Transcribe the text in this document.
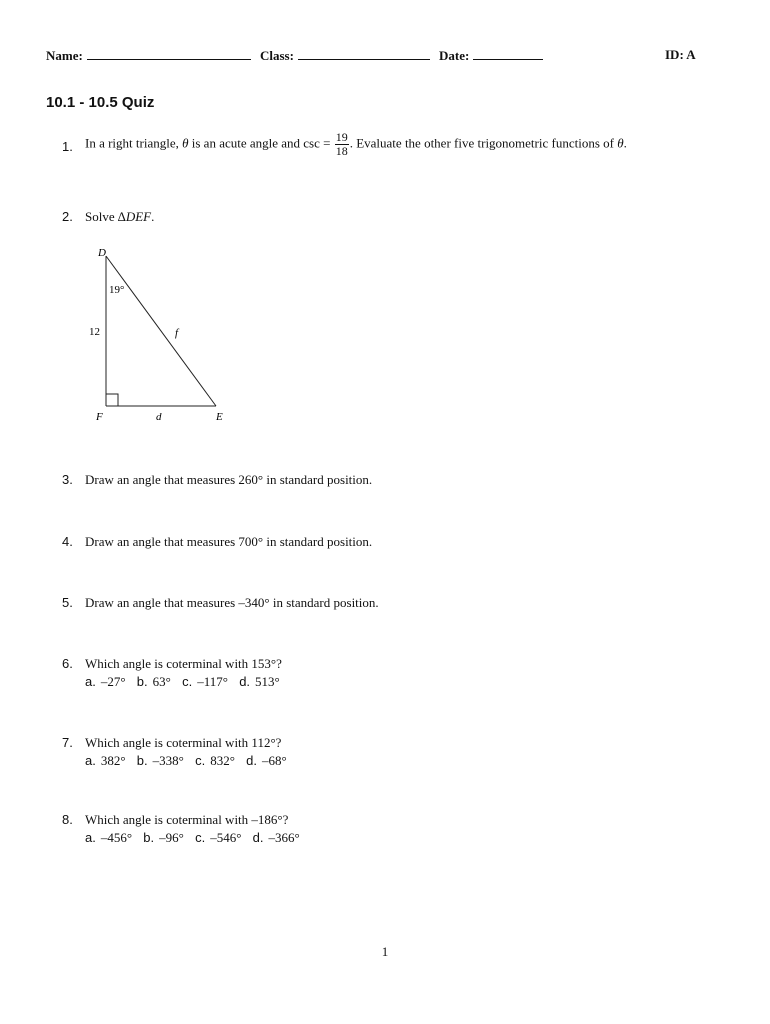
Name:	Class:	Date:	ID: A
10.1 - 10.5 Quiz
1. In a right triangle, θ is an acute angle and $\csc = \frac{19}{18}$ . Evaluate the other five trigonometric functions of θ.
2. Solve ∆DEF.
D
19°
12	f
F	d	E
3. Draw an angle that measures 260° in standard position.
4. Draw an angle that measures 700° in standard position.
5. Draw an angle that measures –340° in standard position.
6. Which angle is coterminal with 153°?
a. –27° b. 63° c. –117° d. 513°
7. Which angle is coterminal with 112°?
a. 382° b. –338° c. 832° d. –68°
8. Which angle is coterminal with –186°?
a. –456° b. –96° c. –546° d. –366°
1
